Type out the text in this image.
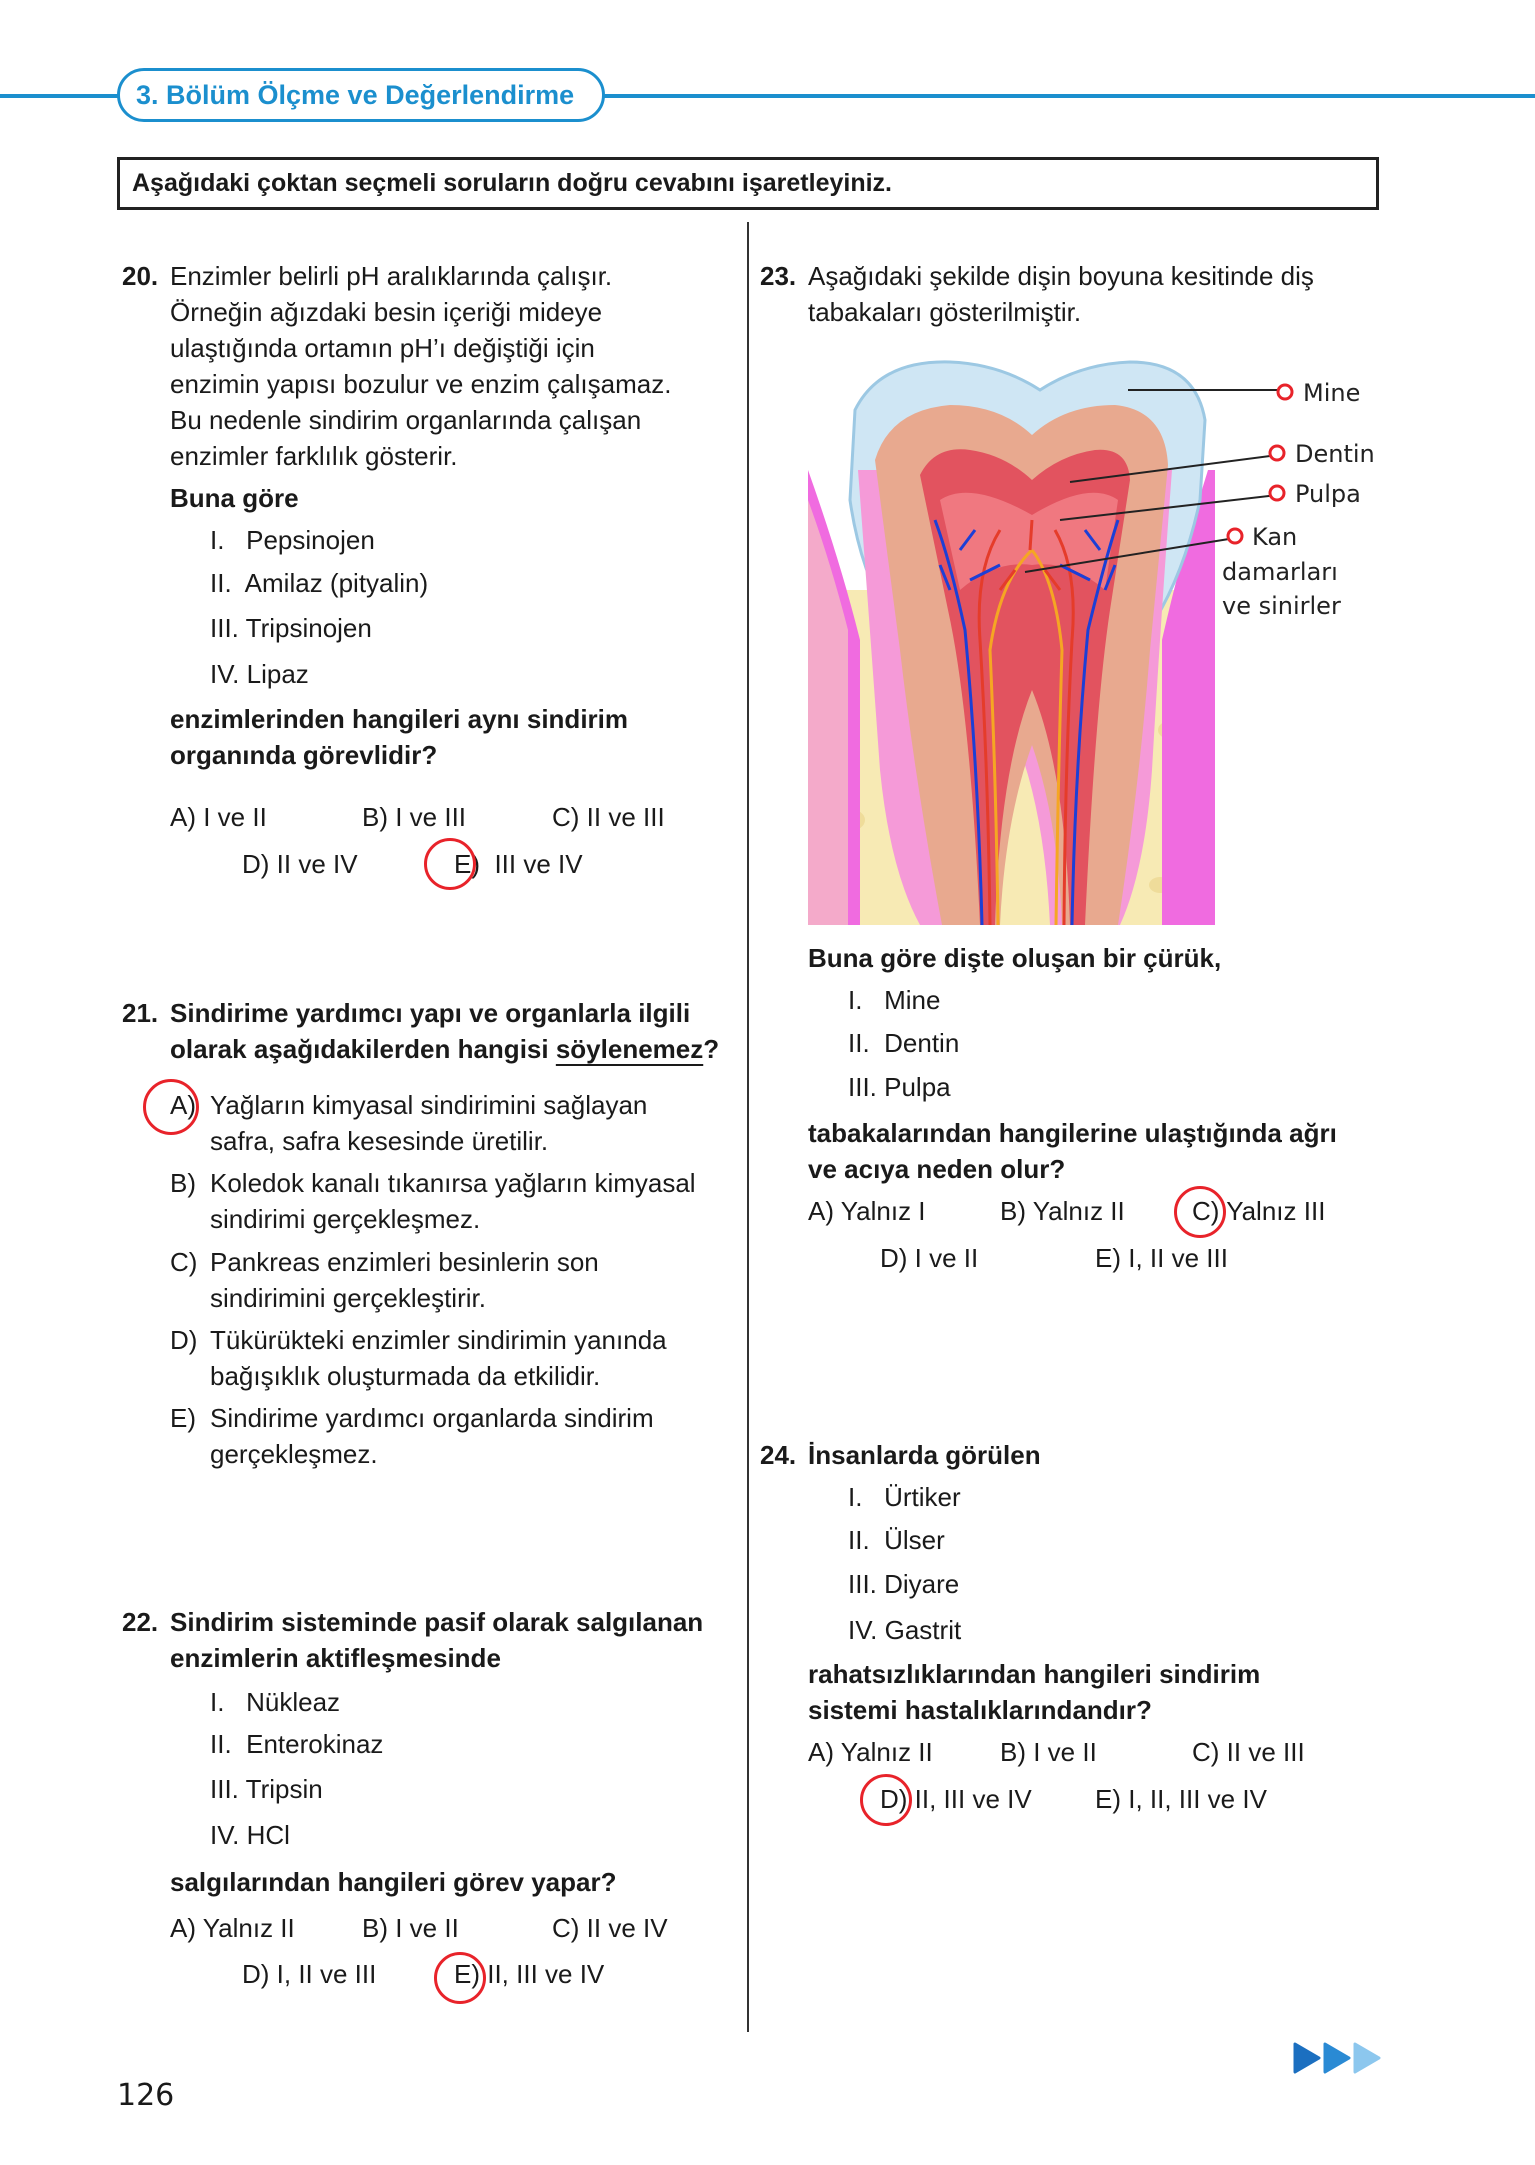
3. Bölüm Ölçme ve Değerlendirme
Aşağıdaki çoktan seçmeli soruların doğru cevabını işaretleyiniz.
20. Enzimler belirli pH aralıklarında çalışır.
Örneğin ağızdaki besin içeriği mideye
ulaştığında ortamın pH’ı değiştiği için
enzimin yapısı bozulur ve enzim çalışamaz.
Bu nedenle sindirim organlarında çalışan
enzimler farklılık gösterir.
Buna göre
I.   Pepsinojen
II.  Amilaz (pityalin)
III. Tripsinojen
IV. Lipaz
enzimlerinden hangileri aynı sindirim
organında görevlidir?
A) I ve II	B) I ve III	C) II ve III
D) II ve IV	E)  III ve IV
21. Sindirime yardımcı yapı ve organlarla ilgili
olarak aşağıdakilerden hangisi söylenemez?
A) Yağların kimyasal sindirimini sağlayan
safra, safra kesesinde üretilir.
B) Koledok kanalı tıkanırsa yağların kimyasal
sindirimi gerçekleşmez.
C) Pankreas enzimleri besinlerin son
sindirimini gerçekleştirir.
D) Tükürükteki enzimler sindirimin yanında
bağışıklık oluşturmada da etkilidir.
E) Sindirime yardımcı organlarda sindirim
gerçekleşmez.
22. Sindirim sisteminde pasif olarak salgılanan
enzimlerin aktifleşmesinde
I.   Nükleaz
II.  Enterokinaz
III. Tripsin
IV. HCl
salgılarından hangileri görev yapar?
A) Yalnız II	B) I ve II	C) II ve IV
D) I, II ve III	E) II, III ve IV
23. Aşağıdaki şekilde dişin boyuna kesitinde diş
tabakaları gösterilmiştir.
Mine
Dentin
Pulpa
Kan
damarları
ve sinirler
Buna göre dişte oluşan bir çürük,
I.   Mine
II.  Dentin
III. Pulpa
tabakalarından hangilerine ulaştığında ağrı
ve acıya neden olur?
A) Yalnız I	B) Yalnız II	C) Yalnız III
D) I ve II	E) I, II ve III
24. İnsanlarda görülen
I.   Ürtiker
II.  Ülser
III. Diyare
IV. Gastrit
rahatsızlıklarından hangileri sindirim
sistemi hastalıklarındandır?
A) Yalnız II	B) I ve II	C) II ve III
D) II, III ve IV E) I, II, III ve IV
126
